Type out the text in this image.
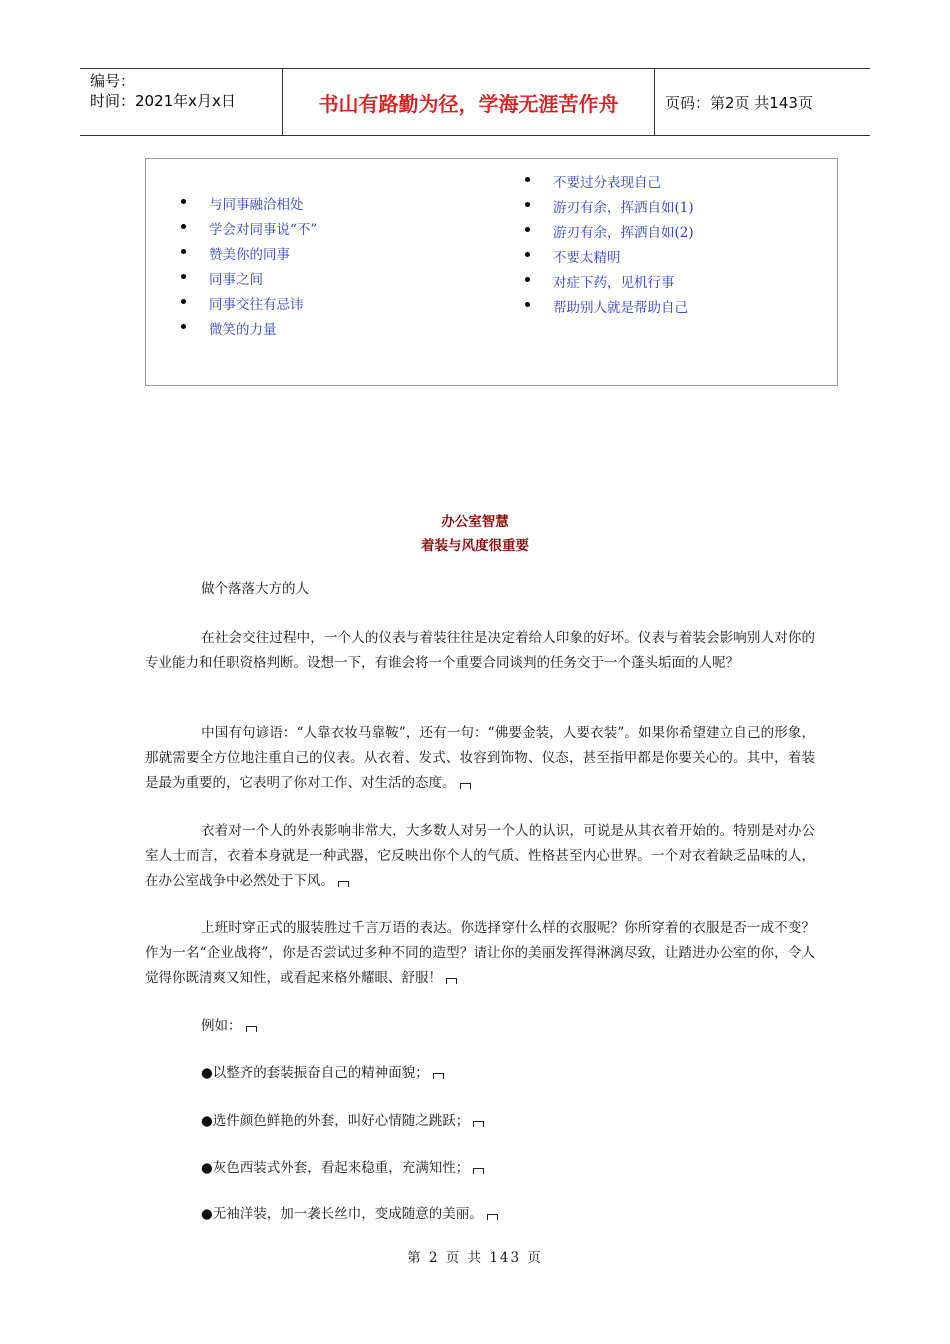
编号：
时间：2021年x月x日	书山有路勤为径，学海无涯苦作舟	页码：第2页 共143页
与同事融洽相处
学会对同事说“不”
赞美你的同事
同事之间
同事交往有忌讳
微笑的力量
不要过分表现自己
游刃有余，挥洒自如(1)
游刃有余，挥洒自如(2)
不要太精明
对症下药，见机行事
帮助别人就是帮助自己
办公室智慧
着装与风度很重要
做个落落大方的人
在社会交往过程中，一个人的仪表与着装往往是决定着给人印象的好坏。仪表与着装会影响别人对你的专业能力和任职资格判断。设想一下，有谁会将一个重要合同谈判的任务交于一个蓬头垢面的人呢？
中国有句谚语：“人靠衣妆马靠鞍”，还有一句：“佛要金装，人要衣装”。如果你希望建立自己的形象，那就需要全方位地注重自己的仪表。从衣着、发式、妆容到饰物、仪态，甚至指甲都是你要关心的。其中，着装是最为重要的，它表明了你对工作、对生活的态度。
衣着对一个人的外表影响非常大，大多数人对另一个人的认识，可说是从其衣着开始的。特别是对办公室人士而言，衣着本身就是一种武器，它反映出你个人的气质、性格甚至内心世界。一个对衣着缺乏品味的人，在办公室战争中必然处于下风。
上班时穿正式的服装胜过千言万语的表达。你选择穿什么样的衣服呢？你所穿着的衣服是否一成不变？作为一名“企业战将”，你是否尝试过多种不同的造型？请让你的美丽发挥得淋漓尽致，让踏进办公室的你，令人觉得你既清爽又知性，或看起来格外耀眼、舒服！
例如：
●以整齐的套装振奋自己的精神面貌；
●选件颜色鲜艳的外套，叫好心情随之跳跃；
●灰色西装式外套，看起来稳重，充满知性；
●无袖洋装，加一袭长丝巾，变成随意的美丽。
第 2 页 共 143 页
